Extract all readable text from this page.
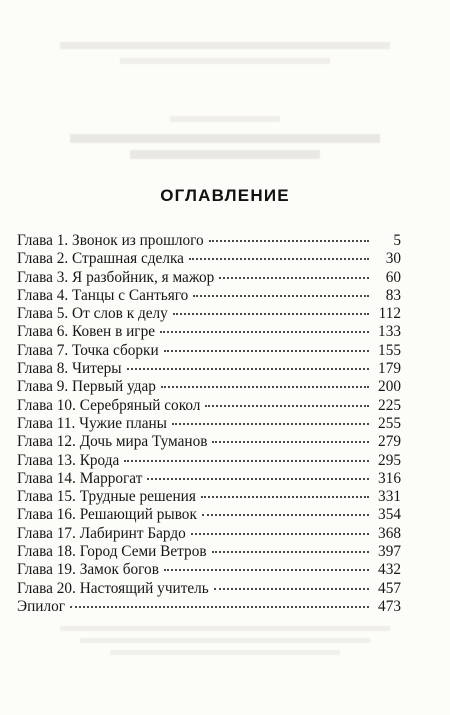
ОГЛАВЛЕНИЕ
Глава 1. Звонок из прошлого	5
Глава 2. Страшная сделка	30
Глава 3. Я разбойник, я мажор	60
Глава 4. Танцы с Сантьяго	83
Глава 5. От слов к делу	112
Глава 6. Ковен в игре	133
Глава 7. Точка сборки	155
Глава 8. Читеры	179
Глава 9. Первый удар	200
Глава 10. Серебряный сокол	225
Глава 11. Чужие планы	255
Глава 12. Дочь мира Туманов	279
Глава 13. Крода	295
Глава 14. Маррогат	316
Глава 15. Трудные решения	331
Глава 16. Решающий рывок	354
Глава 17. Лабиринт Бардо	368
Глава 18. Город Семи Ветров	397
Глава 19. Замок богов	432
Глава 20. Настоящий учитель	457
Эпилог	473
